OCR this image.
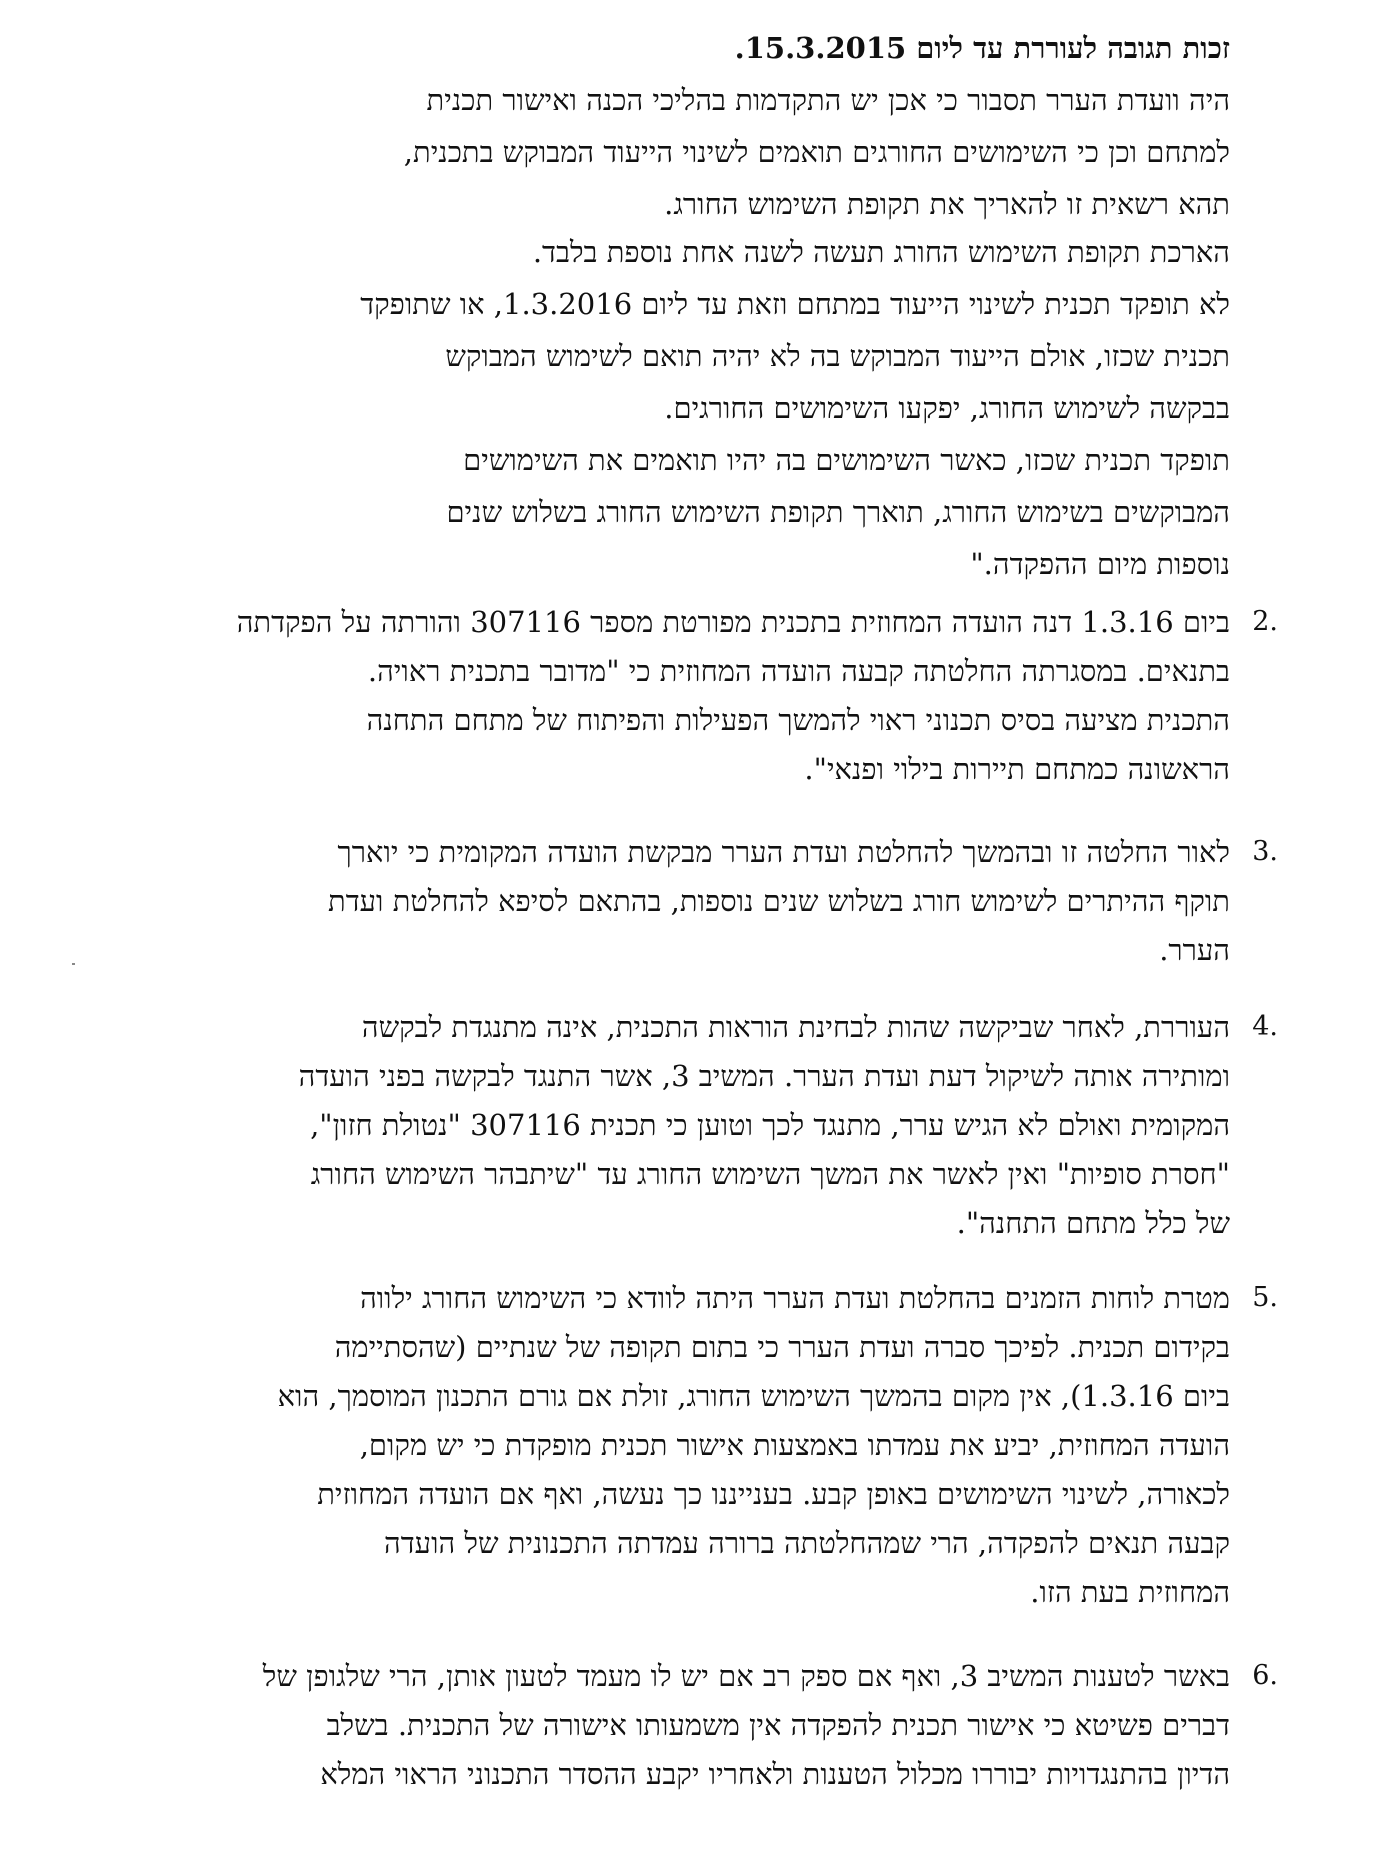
זכות תגובה לעוררת עד ליום 15.3.2015.
היה וועדת הערר תסבור כי אכן יש התקדמות בהליכי הכנה ואישור תכנית
למתחם וכן כי השימושים החורגים תואמים לשינוי הייעוד המבוקש בתכנית,
תהא רשאית זו להאריך את תקופת השימוש החורג.
הארכת תקופת השימוש החורג תעשה לשנה אחת נוספת בלבד.
לא תופקד תכנית לשינוי הייעוד במתחם וזאת עד ליום 1.3.2016, או שתופקד
תכנית שכזו, אולם הייעוד המבוקש בה לא יהיה תואם לשימוש המבוקש
בבקשה לשימוש החורג, יפקעו השימושים החורגים.
תופקד תכנית שכזו, כאשר השימושים בה יהיו תואמים את השימושים
המבוקשים בשימוש החורג, תוארך תקופת השימוש החורג בשלוש שנים
נוספות מיום ההפקדה."
2.
ביום 1.3.16 דנה הועדה המחוזית בתכנית מפורטת מספר 307116 והורתה על הפקדתה
בתנאים. במסגרתה החלטתה קבעה הועדה המחוזית כי "מדובר בתכנית ראויה.
התכנית מציעה בסיס תכנוני ראוי להמשך הפעילות והפיתוח של מתחם התחנה
הראשונה כמתחם תיירות בילוי ופנאי".
3.
לאור החלטה זו ובהמשך להחלטת ועדת הערר מבקשת הועדה המקומית כי יוארך
תוקף ההיתרים לשימוש חורג בשלוש שנים נוספות, בהתאם לסיפא להחלטת ועדת
הערר.
4.
העוררת, לאחר שביקשה שהות לבחינת הוראות התכנית, אינה מתנגדת לבקשה
ומותירה אותה לשיקול דעת ועדת הערר. המשיב 3, אשר התנגד לבקשה בפני הועדה
המקומית ואולם לא הגיש ערר, מתנגד לכך וטוען כי תכנית 307116 "נטולת חזון",
"חסרת סופיות" ואין לאשר את המשך השימוש החורג עד "שיתבהר השימוש החורג
של כלל מתחם התחנה".
5.
מטרת לוחות הזמנים בהחלטת ועדת הערר היתה לוודא כי השימוש החורג ילווה
בקידום תכנית. לפיכך סברה ועדת הערר כי בתום תקופה של שנתיים (שהסתיימה
ביום 1.3.16), אין מקום בהמשך השימוש החורג, זולת אם גורם התכנון המוסמך, הוא
הועדה המחוזית, יביע את עמדתו באמצעות אישור תכנית מופקדת כי יש מקום,
לכאורה, לשינוי השימושים באופן קבע. בענייננו כך נעשה, ואף אם הועדה המחוזית
קבעה תנאים להפקדה, הרי שמהחלטתה ברורה עמדתה התכנונית של הועדה
המחוזית בעת הזו.
6.
באשר לטענות המשיב 3, ואף אם ספק רב אם יש לו מעמד לטעון אותן, הרי שלגופן של
דברים פשיטא כי אישור תכנית להפקדה אין משמעותו אישורה של התכנית. בשלב
הדיון בהתנגדויות יבוררו מכלול הטענות ולאחריו יקבע ההסדר התכנוני הראוי המלא
